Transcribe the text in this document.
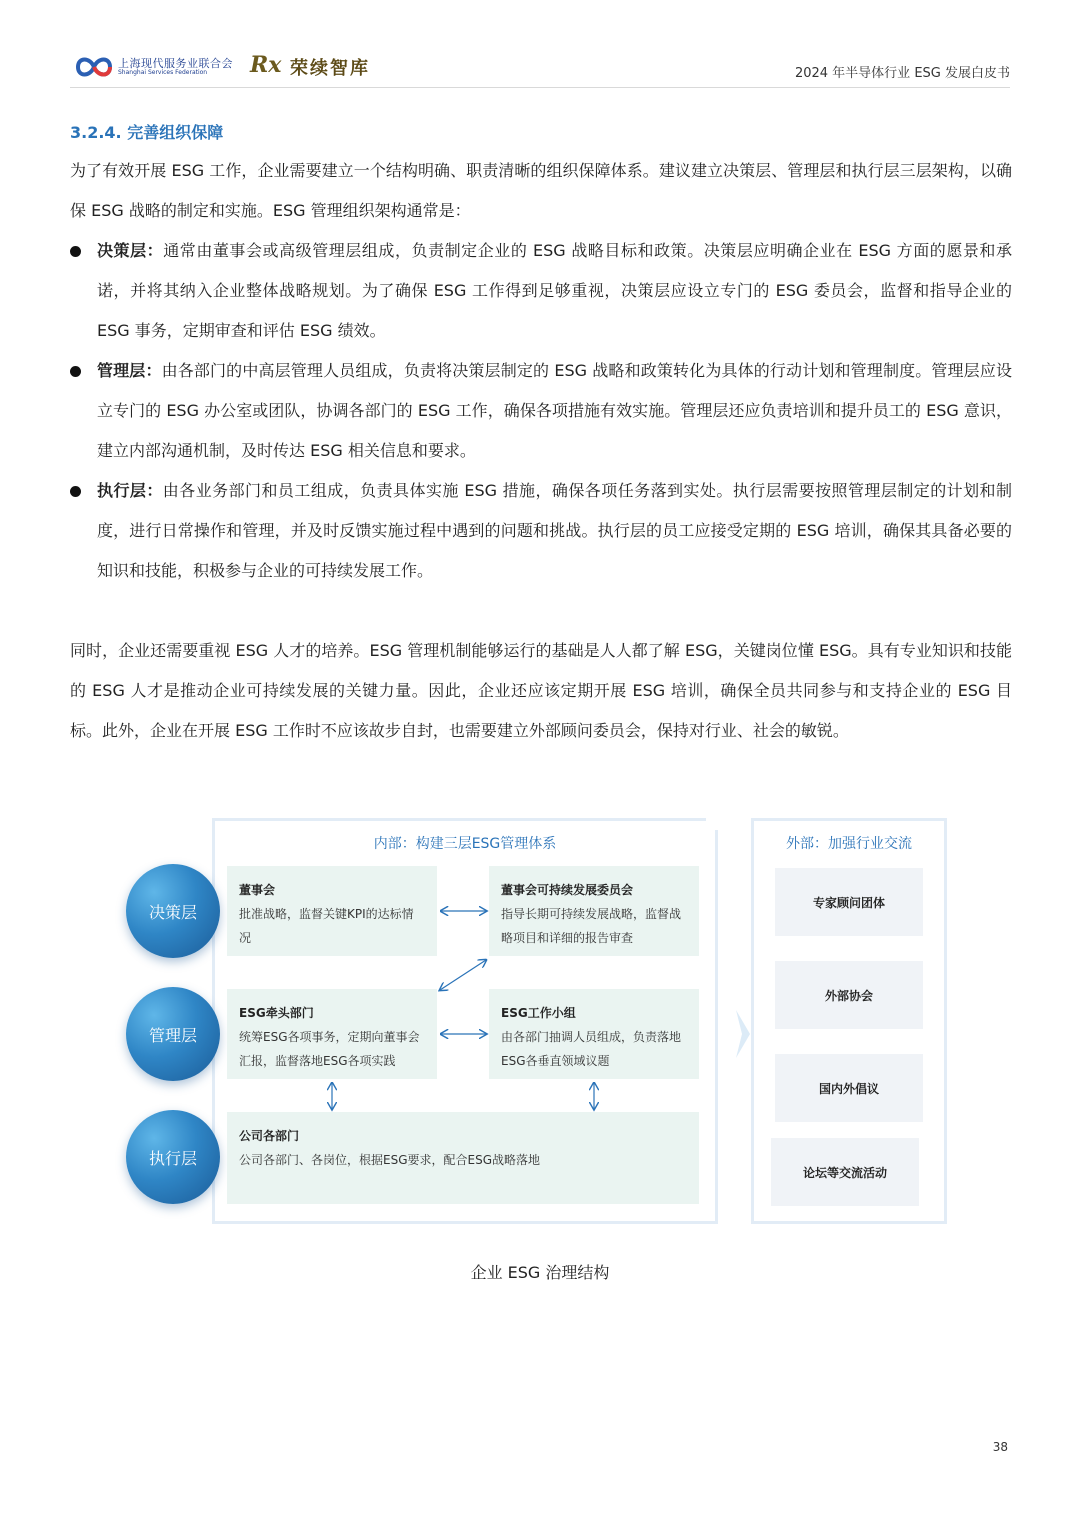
上海现代服务业联合会
Shanghai Services Federation Rx 荣续智库	2024 年半导体行业 ESG 发展白皮书
3.2.4. 完善组织保障
为了有效开展 ESG 工作，企业需要建立一个结构明确、职责清晰的组织保障体系。建议建立决策层、管理层和执行层三层架构，以确保 ESG 战略的制定和实施。ESG 管理组织架构通常是：
决策层：通常由董事会或高级管理层组成，负责制定企业的 ESG 战略目标和政策。决策层应明确企业在 ESG 方面的愿景和承诺，并将其纳入企业整体战略规划。为了确保 ESG 工作得到足够重视，决策层应设立专门的 ESG 委员会，监督和指导企业的 ESG 事务，定期审查和评估 ESG 绩效。
管理层：由各部门的中高层管理人员组成，负责将决策层制定的 ESG 战略和政策转化为具体的行动计划和管理制度。管理层应设立专门的 ESG 办公室或团队，协调各部门的 ESG 工作，确保各项措施有效实施。管理层还应负责培训和提升员工的 ESG 意识，建立内部沟通机制，及时传达 ESG 相关信息和要求。
执行层：由各业务部门和员工组成，负责具体实施 ESG 措施，确保各项任务落到实处。执行层需要按照管理层制定的计划和制度，进行日常操作和管理，并及时反馈实施过程中遇到的问题和挑战。执行层的员工应接受定期的 ESG 培训，确保其具备必要的知识和技能，积极参与企业的可持续发展工作。
同时，企业还需要重视 ESG 人才的培养。ESG 管理机制能够运行的基础是人人都了解 ESG，关键岗位懂 ESG。具有专业知识和技能的 ESG 人才是推动企业可持续发展的关键力量。因此，企业还应该定期开展 ESG 培训，确保全员共同参与和支持企业的 ESG 目标。此外，企业在开展 ESG 工作时不应该故步自封，也需要建立外部顾问委员会，保持对行业、社会的敏锐。
内部：构建三层ESG管理体系	外部：加强行业交流
决策层
管理层
执行层
董事会
批准战略，监督关键KPI的达标情况
董事会可持续发展委员会
指导长期可持续发展战略，监督战略项目和详细的报告审查
ESG牵头部门
统筹ESG各项事务，定期向董事会汇报，监督落地ESG各项实践
ESG工作小组
由各部门抽调人员组成，负责落地ESG各垂直领域议题
公司各部门
公司各部门、各岗位，根据ESG要求，配合ESG战略落地
专家顾问团体
外部协会
国内外倡议
论坛等交流活动
企业 ESG 治理结构
38
